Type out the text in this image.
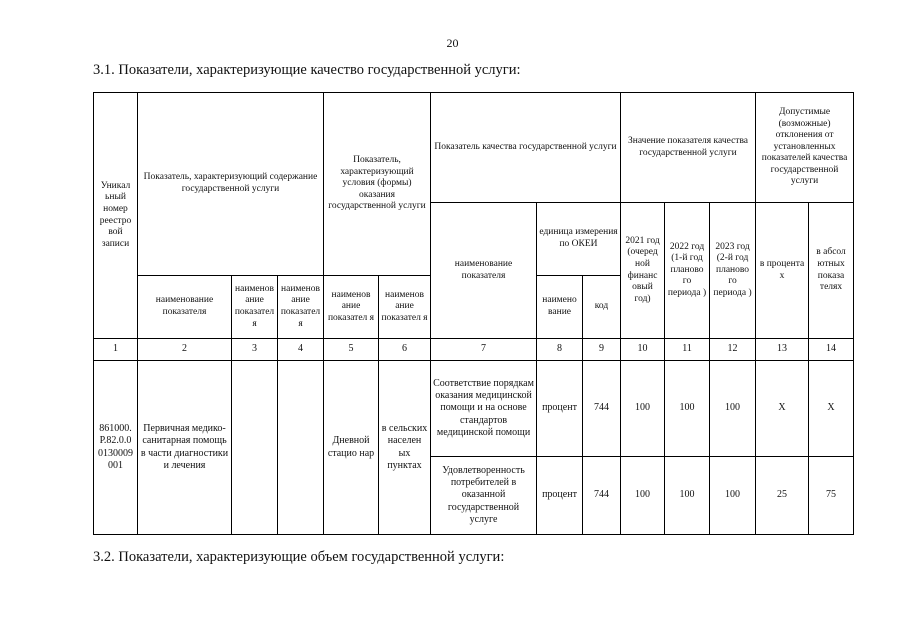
20
3.1. Показатели, характеризующие качество государственной услуги:
Уникал ьный номер реестро вой записи	Показатель, характеризующий содержание государственной услуги			Показатель, характеризующий условия (формы) оказания государственной услуги		Показатель качества государственной услуги			Значение показателя качества государственной услуги			Допустимые (возможные) отклонения от установленных показателей качества государственной услуги	
						наименование показателя	единица измерения по ОКЕИ		2021 год (очеред ной финанс овый год)	2022 год (1-й год планово го периода )	2023 год (2-й год планово го периода )	в процента х	в абсол ютных показа телях
	наименование показателя	наименов ание показател я	наименов ание показател я	наименов ание показател я	наименов ание показател я		наимено вание	код					
1	2	3	4	5	6	7	8	9	10	11	12	13	14
861000. Р.82.0.0 0130009 001	Первичная медико-санитарная помощь в части диагностики и лечения			Дневной стацио нар	в сельских населен ых пунктах	Соответствие порядкам оказания медицинской помощи и на основе стандартов медицинской помощи	процент	744	100	100	100	X	X
						Удовлетворенность потребителей в оказанной государственной услуге	процент	744	100	100	100	25	75
3.2. Показатели, характеризующие объем государственной услуги:
